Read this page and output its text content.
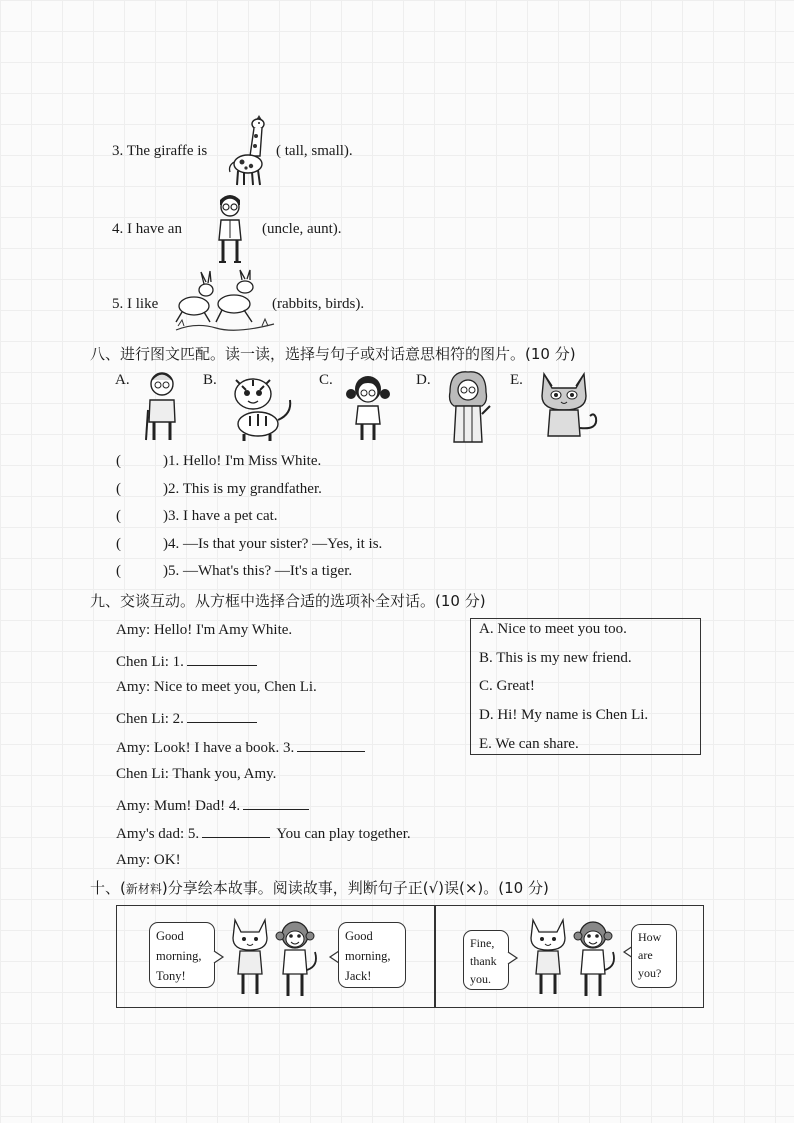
3. The giraffe is	( tall, small).
4. I have an	(uncle, aunt).
5. I like	(rabbits, birds).
八、进行图文匹配。读一读，选择与句子或对话意思相符的图片。(10 分)
A.	B.	C.	D.	E.
(	)1. Hello! I'm Miss White.
(	)2. This is my grandfather.
(	)3. I have a pet cat.
(	)4. —Is that your sister? —Yes, it is.
(	)5. —What's this? —It's a tiger.
九、交谈互动。从方框中选择合适的选项补全对话。(10 分)
Amy: Hello! I'm Amy White.
Chen Li: 1.
Amy: Nice to meet you, Chen Li.
Chen Li: 2.
Amy: Look! I have a book. 3.
Chen Li: Thank you, Amy.
Amy: Mum! Dad! 4.
Amy's dad: 5.	You can play together.
Amy: OK!
A. Nice to meet you too.
B. This is my new friend.
C. Great!
D. Hi! My name is Chen Li.
E. We can share.
十、(新材料)分享绘本故事。阅读故事，判断句子正(√)误(×)。(10 分)
Good
morning,
Tony!
Good
morning,
Jack!
Fine,
thank
you.
How
are
you?
